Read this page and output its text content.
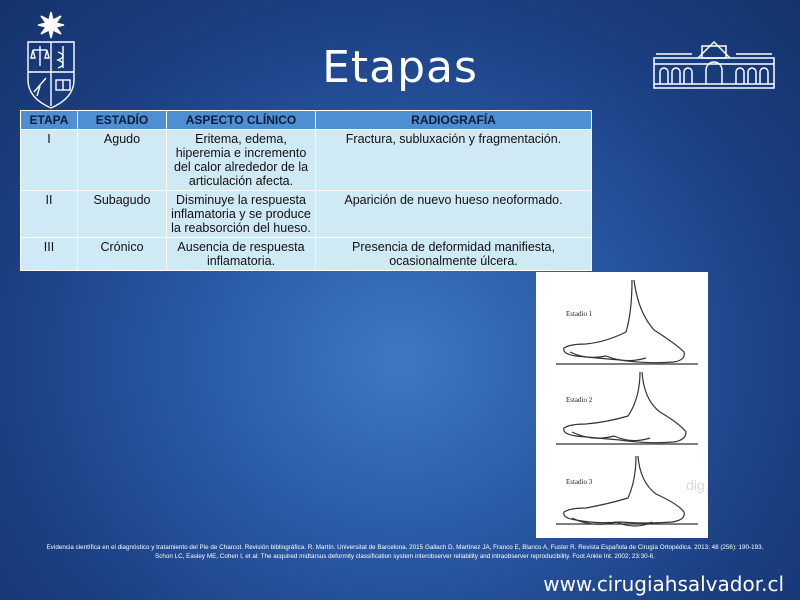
Etapas
ETAPA	ESTADÍO	ASPECTO CLÍNICO	RADIOGRAFÍA
I	Agudo	Eritema, edema, hiperemia e incremento del calor alrededor de la articulación afecta.	Fractura, subluxación y fragmentación.
II	Subagudo	Disminuye la respuesta inflamatoria y se produce la reabsorción del hueso.	Aparición de nuevo hueso neoformado.
III	Crónico	Ausencia de respuesta inflamatoria.	Presencia de deformidad manifiesta, ocasionalmente úlcera.
Estadio 1
Estadio 2
Estadio 3	dig
Evidencia científica en el diagnóstico y tratamiento del Pie de Charcot. Revisión bibliográfica. R. Martín. Universitat de Barcelona. 2015 Gallach D, Martínez JA, Franco E, Blanco A, Fuster R. Revista Española de Cirugía Ortopédica. 2013; 48 (256): 190-193.
Schon LC, Easley ME, Cohen I, et al: The acquired midtarsus deformity classification system interobserver reliability and intraobserver reproducibility. Foot Ankle Int. 2002; 23:30-6.
www.cirugiahsalvador.cl
